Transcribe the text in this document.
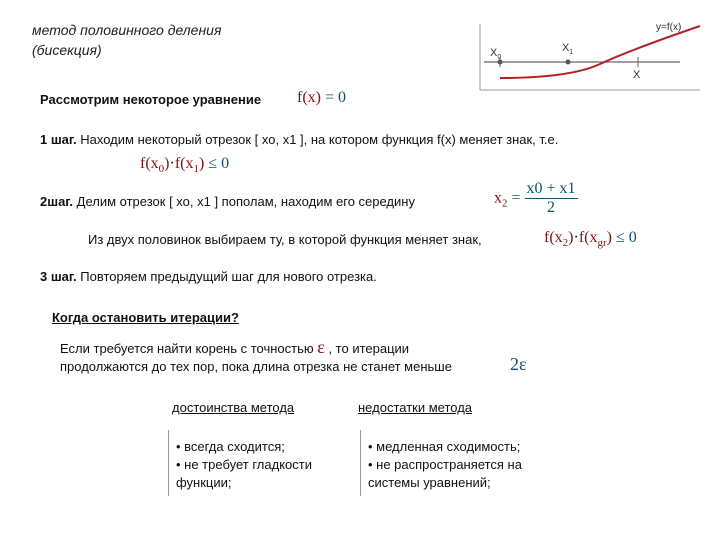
метод половинного деления
(бисекция)
y=f(x)
$X_0$
$X_1$
X
Рассмотрим некоторое уравнение f(x) = 0
1 шаг. Находим некоторый отрезок [ хо, х1 ], на котором функция f(x) меняет знак, т.е.
$f(x_0)\cdot f(x_1) \le 0$
2шаг. Делим отрезок [ хо, х1 ] пополам, находим его середину	$x_2 = \frac{x0 + x1}{2}$
Из двух половинок выбираем ту, в которой функция меняет знак,	$f(x_2)\cdot f(x_{gr}) \le 0$
3 шаг. Повторяем предыдущий шаг для нового отрезка.
Когда остановить итерации?
Если требуется найти корень с точностью ε , то итерации
продолжаются до тех пор, пока длина отрезка не станет меньше	2ε
достоинства метода
• всегда сходится;
• не требует гладкости
функции;
недостатки метода
• медленная сходимость;
• не распространяется на
системы уравнений;
